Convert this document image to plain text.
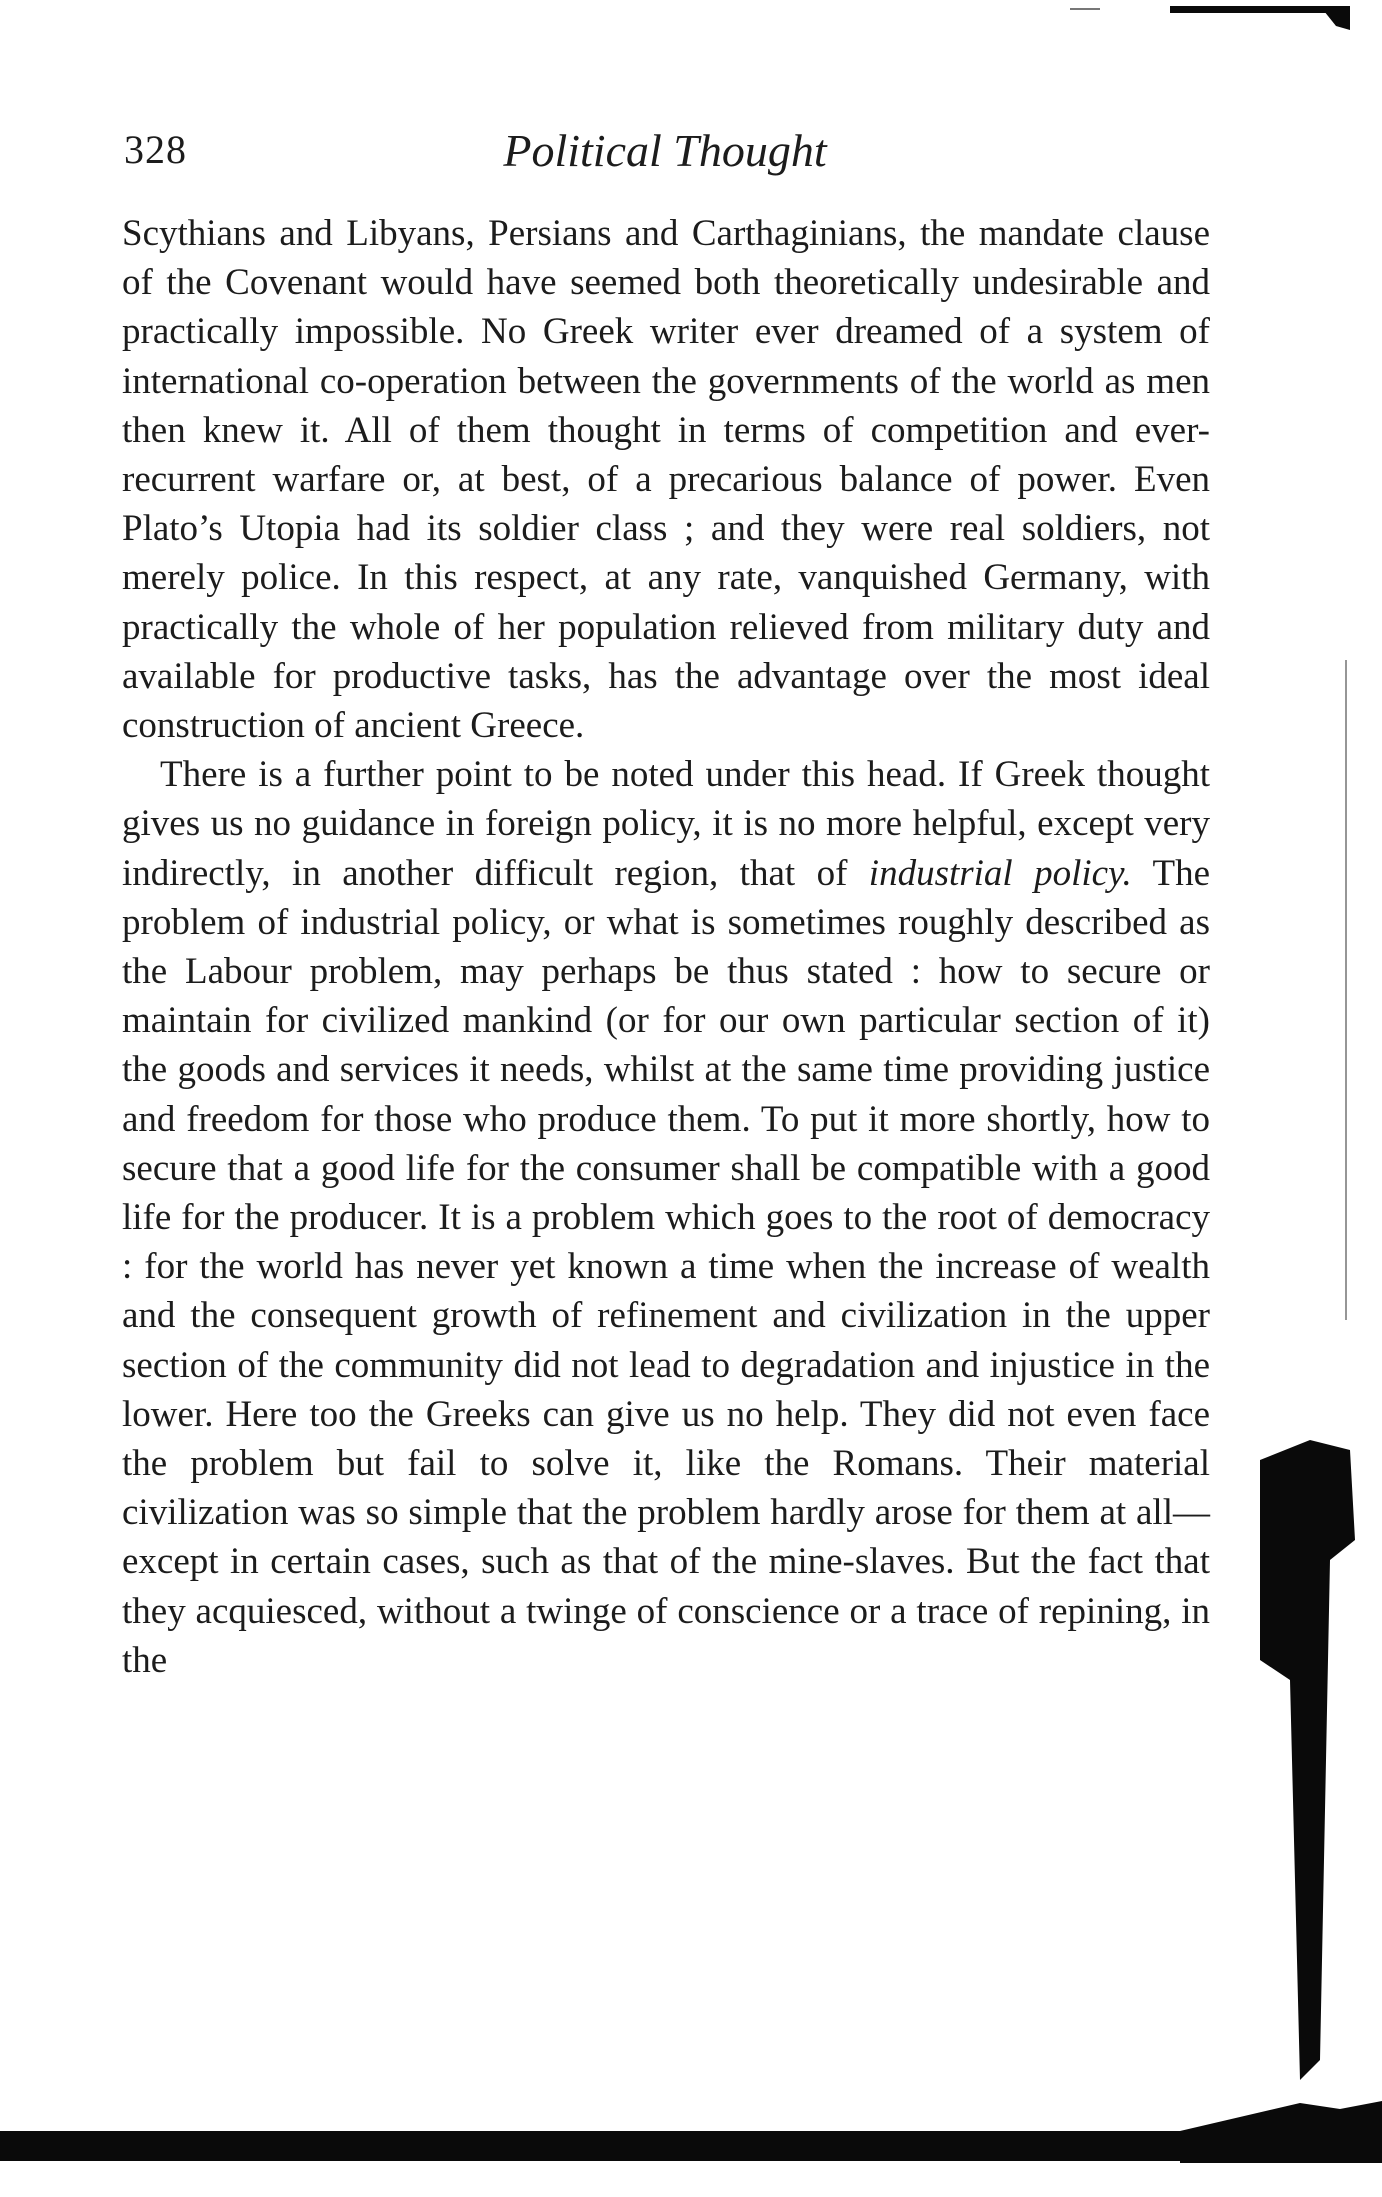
328	Political Thought

Scythians and Libyans, Persians and Carthaginians, the mandate clause of the Covenant would have seemed both theoretically undesirable and practically impossible. No Greek writer ever dreamed of a system of international co-operation between the governments of the world as men then knew it. All of them thought in terms of competition and ever-recurrent warfare or, at best, of a precarious balance of power. Even Plato’s Utopia had its soldier class ; and they were real soldiers, not merely police. In this respect, at any rate, vanquished Germany, with practically the whole of her population relieved from military duty and available for productive tasks, has the advantage over the most ideal construction of ancient Greece.

There is a further point to be noted under this head. If Greek thought gives us no guidance in foreign policy, it is no more helpful, except very indirectly, in another difficult region, that of industrial policy. The problem of industrial policy, or what is sometimes roughly described as the Labour problem, may perhaps be thus stated : how to secure or maintain for civilized mankind (or for our own particular section of it) the goods and services it needs, whilst at the same time providing justice and freedom for those who produce them. To put it more shortly, how to secure that a good life for the consumer shall be compatible with a good life for the producer. It is a problem which goes to the root of democracy : for the world has never yet known a time when the increase of wealth and the consequent growth of refinement and civilization in the upper section of the community did not lead to degradation and injustice in the lower. Here too the Greeks can give us no help. They did not even face the problem but fail to solve it, like the Romans. Their material civilization was so simple that the problem hardly arose for them at all—except in certain cases, such as that of the mine-slaves. But the fact that they acquiesced, without a twinge of conscience or a trace of repining, in the
